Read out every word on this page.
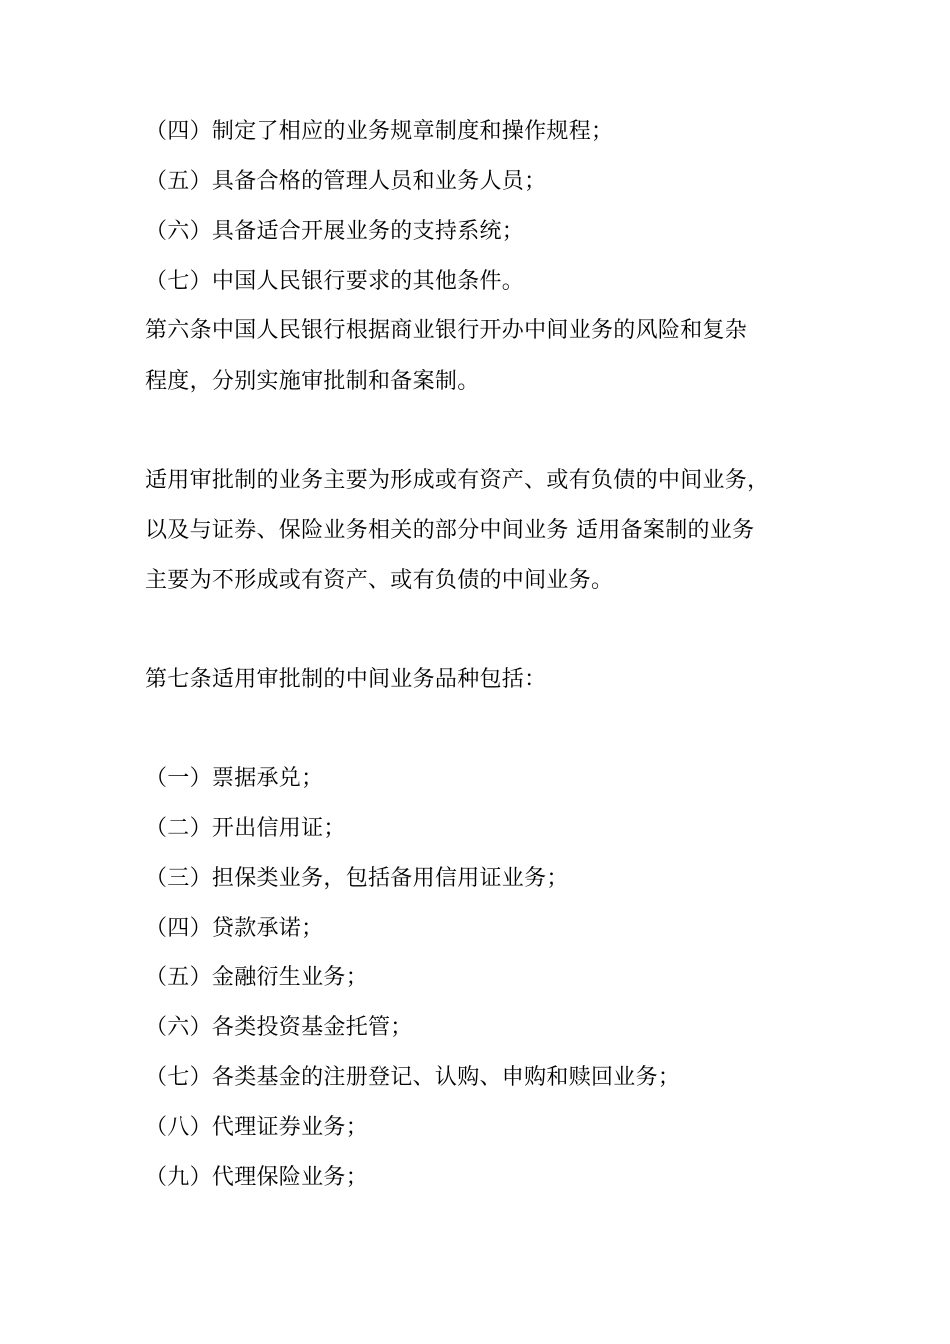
（四）制定了相应的业务规章制度和操作规程；
（五）具备合格的管理人员和业务人员；
（六）具备适合开展业务的支持系统；
（七）中国人民银行要求的其他条件。
第六条中国人民银行根据商业银行开办中间业务的风险和复杂
程度，分别实施审批制和备案制。
适用审批制的业务主要为形成或有资产、或有负债的中间业务，
以及与证券、保险业务相关的部分中间业务 适用备案制的业务
主要为不形成或有资产、或有负债的中间业务。
第七条适用审批制的中间业务品种包括：
（一）票据承兑；
（二）开出信用证；
（三）担保类业务，包括备用信用证业务；
（四）贷款承诺；
（五）金融衍生业务；
（六）各类投资基金托管；
（七）各类基金的注册登记、认购、申购和赎回业务；
（八）代理证券业务；
（九）代理保险业务；
